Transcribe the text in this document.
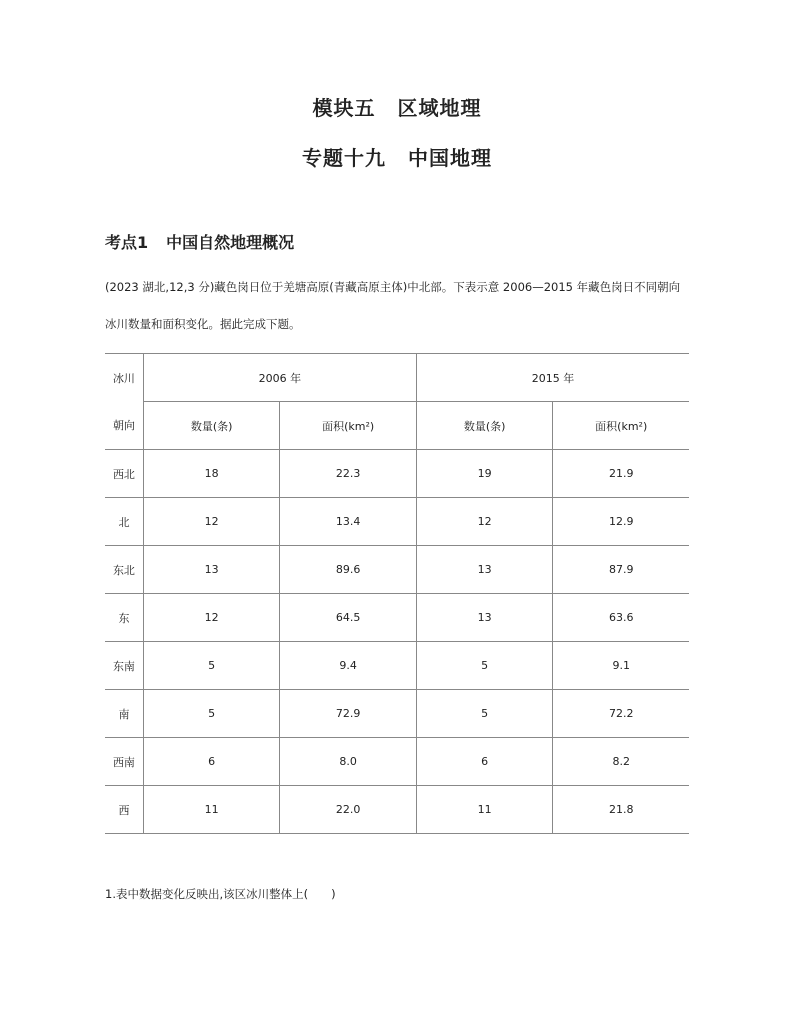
模块五 区域地理
专题十九 中国地理
考点1 中国自然地理概况
(2023 湖北,12,3 分)藏色岗日位于羌塘高原(青藏高原主体)中北部。下表示意 2006—2015 年藏色岗日不同朝向
冰川数量和面积变化。据此完成下题。
冰川	2006 年		2015 年	
朝向	数量(条)	面积(km²)	数量(条)	面积(km²)
西北	18	22.3	19	21.9
北	12	13.4	12	12.9
东北	13	89.6	13	87.9
东	12	64.5	13	63.6
东南	5	9.4	5	9.1
南	5	72.9	5	72.2
西南	6	8.0	6	8.2
西	11	22.0	11	21.8
1.表中数据变化反映出,该区冰川整体上(　　)
